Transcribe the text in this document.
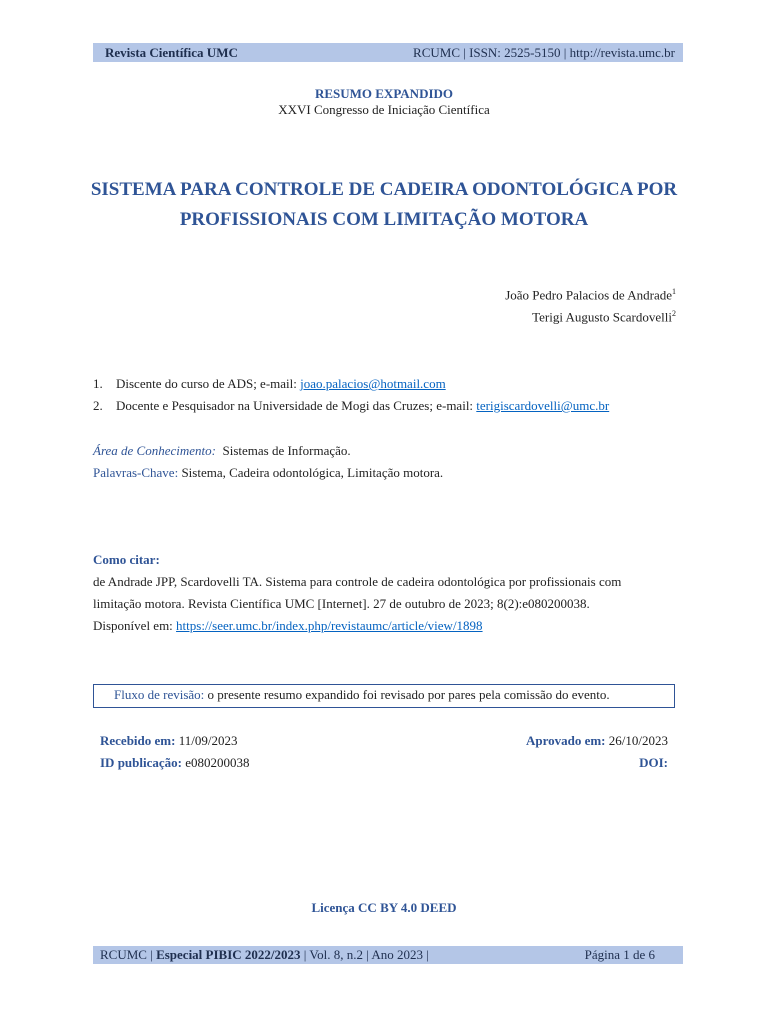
Revista Científica UMC	RCUMC | ISSN: 2525-5150 | http://revista.umc.br
RESUMO EXPANDIDO
XXVI Congresso de Iniciação Científica
SISTEMA PARA CONTROLE DE CADEIRA ODONTOLÓGICA POR
PROFISSIONAIS COM LIMITAÇÃO MOTORA
João Pedro Palacios de Andrade$^1$
Terigi Augusto Scardovelli$^2$
1. Discente do curso de ADS; e-mail: joao.palacios@hotmail.com
2. Docente e Pesquisador na Universidade de Mogi das Cruzes; e-mail: terigiscardovelli@umc.br
Área de Conhecimento: Sistemas de Informação.
Palavras-Chave: Sistema, Cadeira odontológica, Limitação motora.
Como citar:
de Andrade JPP, Scardovelli TA. Sistema para controle de cadeira odontológica por profissionais com
limitação motora. Revista Científica UMC [Internet]. 27 de outubro de 2023; 8(2):e080200038.
Disponível em: https://seer.umc.br/index.php/revistaumc/article/view/1898
Fluxo de revisão: o presente resumo expandido foi revisado por pares pela comissão do evento.
Recebido em: 11/09/2023	Aprovado em: 26/10/2023
ID publicação: e080200038	DOI:
Licença CC BY 4.0 DEED
RCUMC | Especial PIBIC 2022/2023 | Vol. 8, n.2 | Ano 2023 |	Página 1 de 6
